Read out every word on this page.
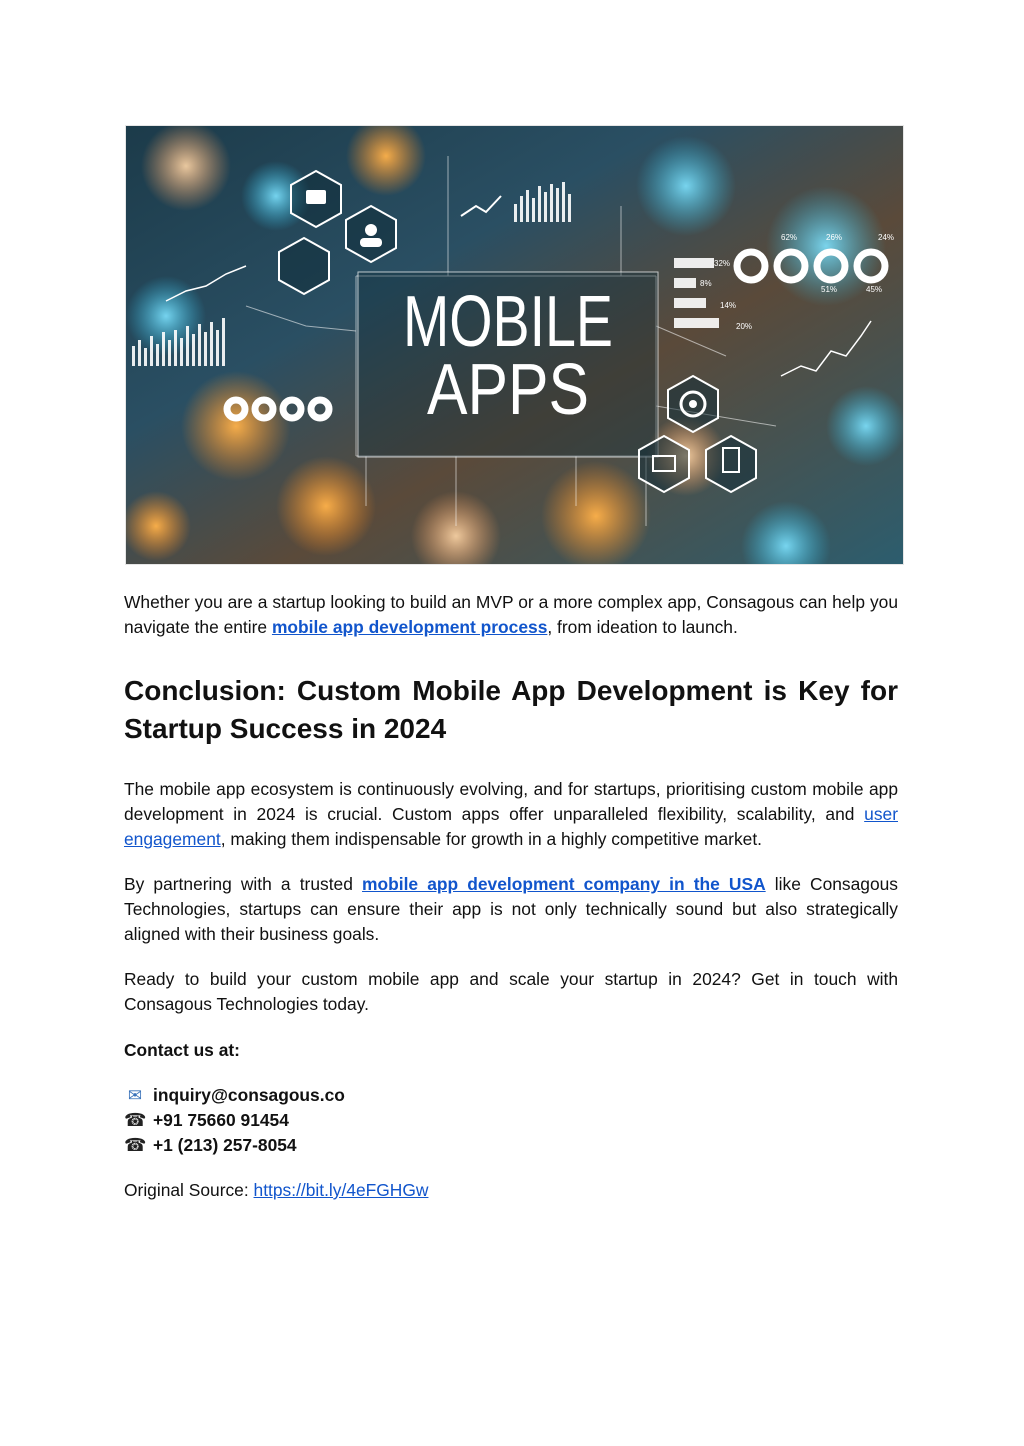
MOBILE
APPS
62%	26%	24%
51%	45%
32%
8%
14%
20%

Whether you are a startup looking to build an MVP or a more complex app, Consagous can help you navigate the entire mobile app development process, from ideation to launch.

Conclusion: Custom Mobile App Development is Key for Startup Success in 2024

The mobile app ecosystem is continuously evolving, and for startups, prioritising custom mobile app development in 2024 is crucial. Custom apps offer unparalleled flexibility, scalability, and user engagement, making them indispensable for growth in a highly competitive market.

By partnering with a trusted mobile app development company in the USA like Consagous Technologies, startups can ensure their app is not only technically sound but also strategically aligned with their business goals.

Ready to build your custom mobile app and scale your startup in 2024? Get in touch with Consagous Technologies today.

Contact us at:

✉ inquiry@consagous.co
☎ +91 75660 91454
☎ +1 (213) 257-8054

Original Source: https://bit.ly/4eFGHGw
